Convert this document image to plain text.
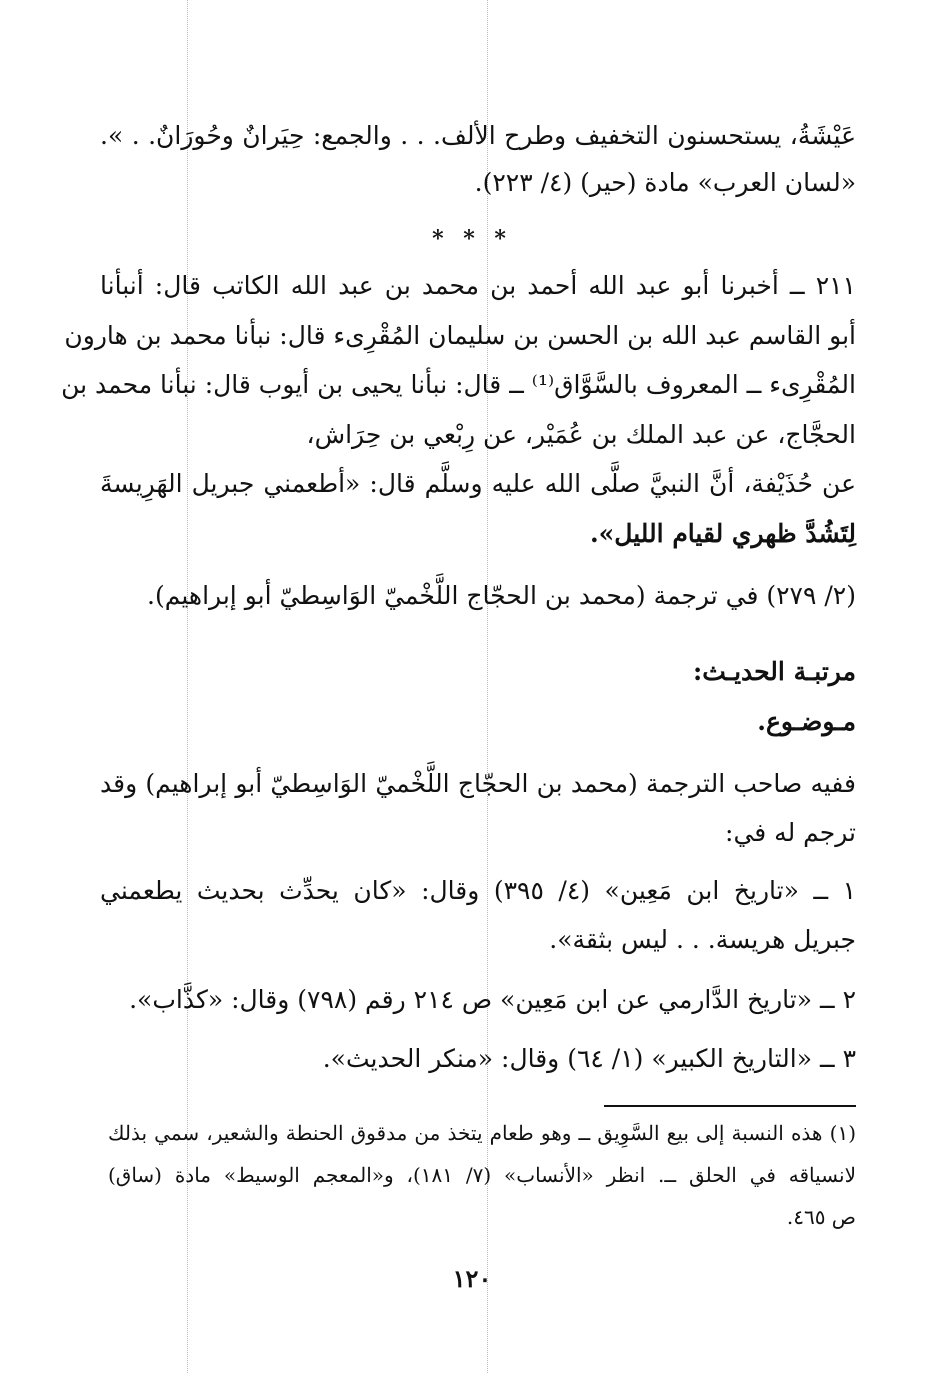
عَيْشَةُ، يستحسنون التخفيف وطرح الألف. . . والجمع: حِيَرانٌ وحُورَانٌ. . ».
«لسان العرب» مادة (حير) (٤/ ٢٢٣).
* * *
٢١١ ــ أخبرنا أبو عبد الله أحمد بن محمد بن عبد الله الكاتب قال: أنبأنا
أبو القاسم عبد الله بن الحسن بن سليمان المُقْرِىء قال: نبأنا محمد بن هارون
المُقْرِىء ــ المعروف بالسَّوَّاق⁽¹⁾ ــ قال: نبأنا يحيى بن أيوب قال: نبأنا محمد بن
الحجَّاج، عن عبد الملك بن عُمَيْر، عن رِبْعي بن حِرَاش،
عن حُذَيْفة، أنَّ النبيَّ صلَّى الله عليه وسلَّم قال: «أطعمني جبريل الهَرِيسةَ
لِتَشُدَّ ظهري لقيام الليل».
(٢/ ٢٧٩) في ترجمة (محمد بن الحجّاج اللَّخْميّ الوَاسِطيّ أبو إبراهيم).
مرتبـة الحديـث:
مـوضـوع.
ففيه صاحب الترجمة (محمد بن الحجّاج اللَّخْميّ الوَاسِطيّ أبو إبراهيم) وقد
ترجم له في:
١ ــ «تاريخ ابن مَعِين» (٤/ ٣٩٥) وقال: «كان يحدِّث بحديث يطعمني
جبريل هريسة. . . ليس بثقة».
٢ ــ «تاريخ الدَّارمي عن ابن مَعِين» ص ٢١٤ رقم (٧٩٨) وقال: «كذَّاب».
٣ ــ «التاريخ الكبير» (١/ ٦٤) وقال: «منكر الحديث».
(١) هذه النسبة إلى بيع السَّوِيق ــ وهو طعام يتخذ من مدقوق الحنطة والشعير، سمي بذلك
لانسياقه في الحلق ــ. انظر «الأنساب» (٧/ ١٨١)، و«المعجم الوسيط» مادة (ساق)
ص ٤٦٥.
١٢٠
